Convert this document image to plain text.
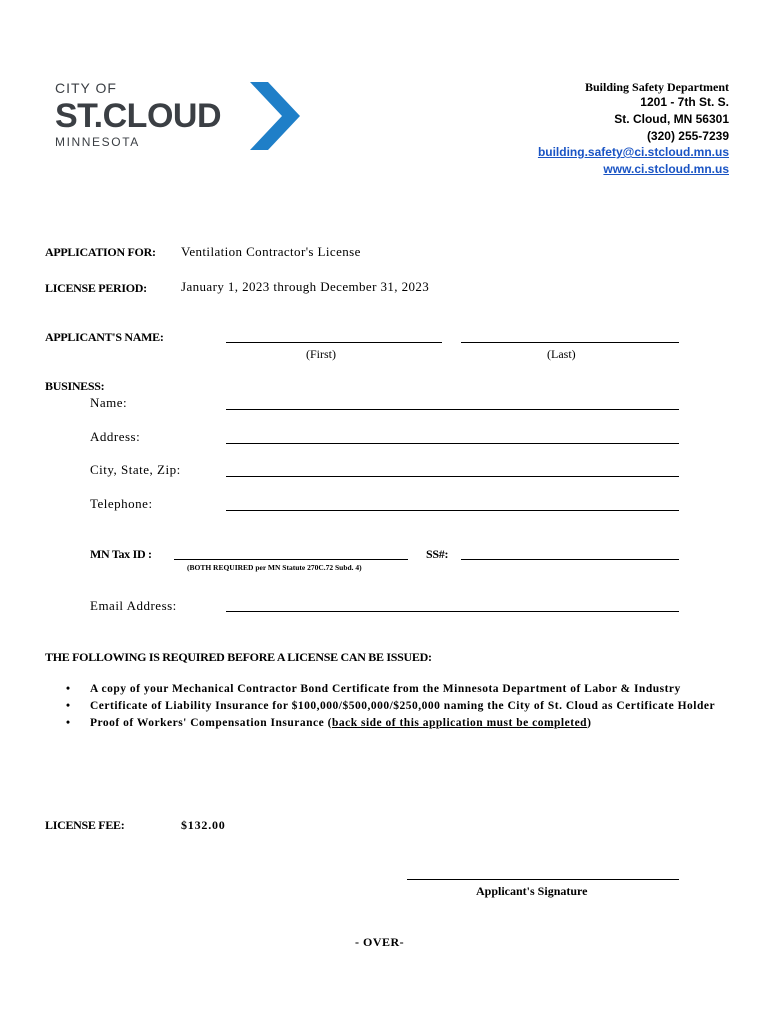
CITY OF
ST.CLOUD
MINNESOTA
Building Safety Department
1201 - 7th St. S.
St. Cloud, MN 56301
(320) 255-7239
building.safety@ci.stcloud.mn.us
www.ci.stcloud.mn.us
APPLICATION FOR: Ventilation Contractor's License
LICENSE PERIOD:	January 1, 2023 through December 31, 2023
APPLICANT'S NAME:
(First)	(Last)
BUSINESS:
Name:
Address:
City, State, Zip:
Telephone:
MN Tax ID :	SS#:
(BOTH REQUIRED per MN Statute 270C.72 Subd. 4)
Email Address:
THE FOLLOWING IS REQUIRED BEFORE A LICENSE CAN BE ISSUED:
• A copy of your Mechanical Contractor Bond Certificate from the Minnesota Department of Labor & Industry
• Certificate of Liability Insurance for $100,000/$500,000/$250,000 naming the City of St. Cloud as Certificate Holder
• Proof of Workers' Compensation Insurance (back side of this application must be completed)
LICENSE FEE:	$132.00
Applicant's Signature
- OVER-
